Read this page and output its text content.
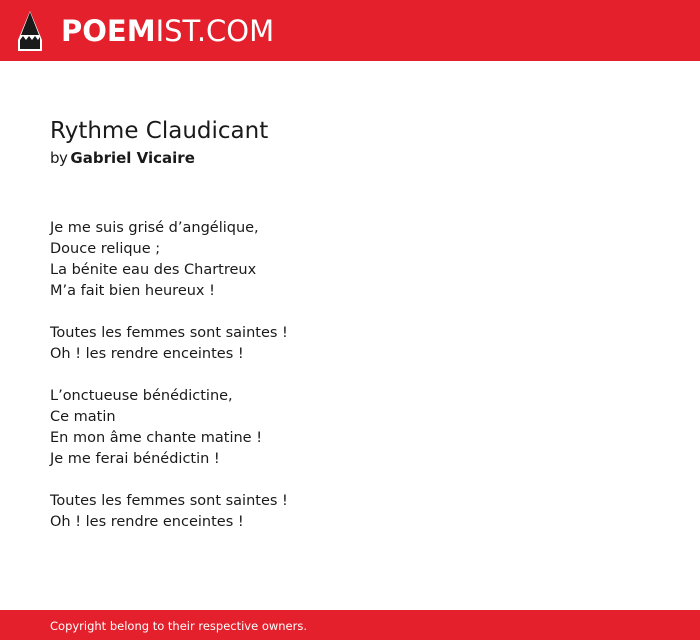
POEM IST.COM
Rythme Claudicant
by Gabriel Vicaire
Je me suis grisé d’angélique,
Douce relique ;
La bénite eau des Chartreux
M’a fait bien heureux !
Toutes les femmes sont saintes !
Oh ! les rendre enceintes !
L’onctueuse bénédictine,
Ce matin
En mon âme chante matine !
Je me ferai bénédictin !
Toutes les femmes sont saintes !
Oh ! les rendre enceintes !
Copyright belong to their respective owners.
